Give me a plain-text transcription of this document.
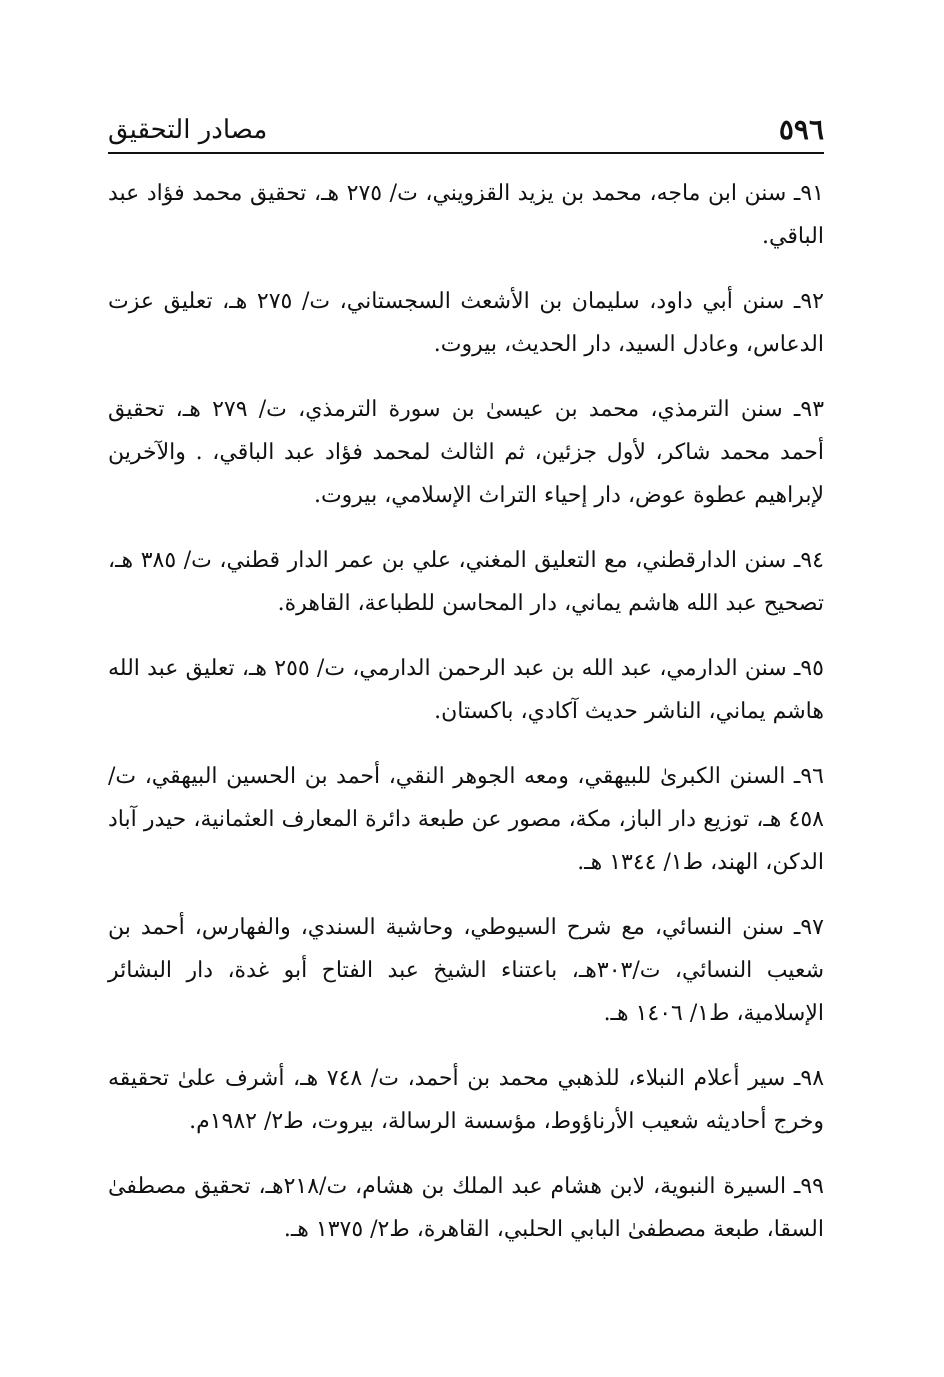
٥٩٦
مصادر التحقيق

٩١ـ سنن ابن ماجه، محمد بن يزيد القزويني، ت/ ٢٧٥ هـ، تحقيق محمد فؤاد عبد الباقي.

٩٢ـ سنن أبي داود، سليمان بن الأشعث السجستاني، ت/ ٢٧٥ هـ، تعليق عزت الدعاس، وعادل السيد، دار الحديث، بيروت.

٩٣ـ سنن الترمذي، محمد بن عيسىٰ بن سورة الترمذي، ت/ ٢٧٩ هـ، تحقيق أحمد محمد شاكر، لأول جزئين، ثم الثالث لمحمد فؤاد عبد الباقي، . والآخرين لإبراهيم عطوة عوض، دار إحياء التراث الإسلامي، بيروت.

٩٤ـ سنن الدارقطني، مع التعليق المغني، علي بن عمر الدار قطني، ت/ ٣٨٥ هـ، تصحيح عبد الله هاشم يماني، دار المحاسن للطباعة، القاهرة.

٩٥ـ سنن الدارمي، عبد الله بن عبد الرحمن الدارمي، ت/ ٢٥٥ هـ، تعليق عبد الله هاشم يماني، الناشر حديث آكادي، باكستان.

٩٦ـ السنن الكبرىٰ للبيهقي، ومعه الجوهر النقي، أحمد بن الحسين البيهقي، ت/ ٤٥٨ هـ، توزيع دار الباز، مكة، مصور عن طبعة دائرة المعارف العثمانية، حيدر آباد الدكن، الهند، ط١/ ١٣٤٤ هـ.

٩٧ـ سنن النسائي، مع شرح السيوطي، وحاشية السندي، والفهارس، أحمد بن شعيب النسائي، ت/٣٠٣هـ، باعتناء الشيخ عبد الفتاح أبو غدة، دار البشائر الإسلامية، ط١/ ١٤٠٦ هـ.

٩٨ـ سير أعلام النبلاء، للذهبي محمد بن أحمد، ت/ ٧٤٨ هـ، أشرف علىٰ تحقيقه وخرج أحاديثه شعيب الأرناؤوط، مؤسسة الرسالة، بيروت، ط٢/ ١٩٨٢م.

٩٩ـ السيرة النبوية، لابن هشام عبد الملك بن هشام، ت/٢١٨هـ، تحقيق مصطفىٰ السقا، طبعة مصطفىٰ البابي الحلبي، القاهرة، ط٢/ ١٣٧٥ هـ.
